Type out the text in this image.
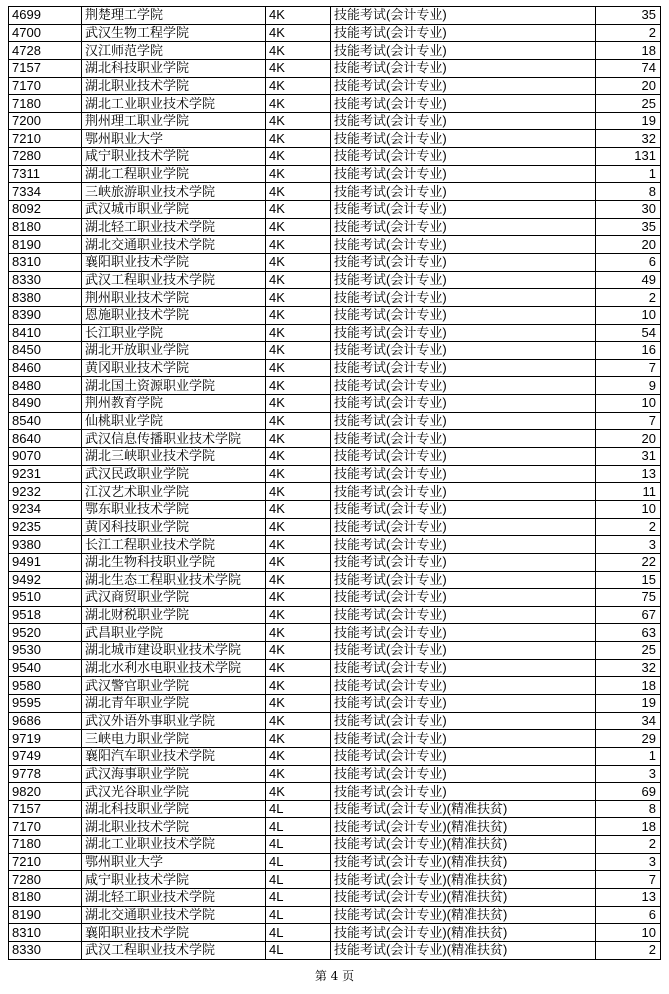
4699	荆楚理工学院	4K	技能考试(会计专业)	35
4700	武汉生物工程学院	4K	技能考试(会计专业)	2
4728	汉江师范学院	4K	技能考试(会计专业)	18
7157	湖北科技职业学院	4K	技能考试(会计专业)	74
7170	湖北职业技术学院	4K	技能考试(会计专业)	20
7180	湖北工业职业技术学院	4K	技能考试(会计专业)	25
7200	荆州理工职业学院	4K	技能考试(会计专业)	19
7210	鄂州职业大学	4K	技能考试(会计专业)	32
7280	咸宁职业技术学院	4K	技能考试(会计专业)	131
7311	湖北工程职业学院	4K	技能考试(会计专业)	1
7334	三峡旅游职业技术学院	4K	技能考试(会计专业)	8
8092	武汉城市职业学院	4K	技能考试(会计专业)	30
8180	湖北轻工职业技术学院	4K	技能考试(会计专业)	35
8190	湖北交通职业技术学院	4K	技能考试(会计专业)	20
8310	襄阳职业技术学院	4K	技能考试(会计专业)	6
8330	武汉工程职业技术学院	4K	技能考试(会计专业)	49
8380	荆州职业技术学院	4K	技能考试(会计专业)	2
8390	恩施职业技术学院	4K	技能考试(会计专业)	10
8410	长江职业学院	4K	技能考试(会计专业)	54
8450	湖北开放职业学院	4K	技能考试(会计专业)	16
8460	黄冈职业技术学院	4K	技能考试(会计专业)	7
8480	湖北国土资源职业学院	4K	技能考试(会计专业)	9
8490	荆州教育学院	4K	技能考试(会计专业)	10
8540	仙桃职业学院	4K	技能考试(会计专业)	7
8640	武汉信息传播职业技术学院	4K	技能考试(会计专业)	20
9070	湖北三峡职业技术学院	4K	技能考试(会计专业)	31
9231	武汉民政职业学院	4K	技能考试(会计专业)	13
9232	江汉艺术职业学院	4K	技能考试(会计专业)	11
9234	鄂东职业技术学院	4K	技能考试(会计专业)	10
9235	黄冈科技职业学院	4K	技能考试(会计专业)	2
9380	长江工程职业技术学院	4K	技能考试(会计专业)	3
9491	湖北生物科技职业学院	4K	技能考试(会计专业)	22
9492	湖北生态工程职业技术学院	4K	技能考试(会计专业)	15
9510	武汉商贸职业学院	4K	技能考试(会计专业)	75
9518	湖北财税职业学院	4K	技能考试(会计专业)	67
9520	武昌职业学院	4K	技能考试(会计专业)	63
9530	湖北城市建设职业技术学院	4K	技能考试(会计专业)	25
9540	湖北水利水电职业技术学院	4K	技能考试(会计专业)	32
9580	武汉警官职业学院	4K	技能考试(会计专业)	18
9595	湖北青年职业学院	4K	技能考试(会计专业)	19
9686	武汉外语外事职业学院	4K	技能考试(会计专业)	34
9719	三峡电力职业学院	4K	技能考试(会计专业)	29
9749	襄阳汽车职业技术学院	4K	技能考试(会计专业)	1
9778	武汉海事职业学院	4K	技能考试(会计专业)	3
9820	武汉光谷职业学院	4K	技能考试(会计专业)	69
7157	湖北科技职业学院	4L	技能考试(会计专业)(精准扶贫)	8
7170	湖北职业技术学院	4L	技能考试(会计专业)(精准扶贫)	18
7180	湖北工业职业技术学院	4L	技能考试(会计专业)(精准扶贫)	2
7210	鄂州职业大学	4L	技能考试(会计专业)(精准扶贫)	3
7280	咸宁职业技术学院	4L	技能考试(会计专业)(精准扶贫)	7
8180	湖北轻工职业技术学院	4L	技能考试(会计专业)(精准扶贫)	13
8190	湖北交通职业技术学院	4L	技能考试(会计专业)(精准扶贫)	6
8310	襄阳职业技术学院	4L	技能考试(会计专业)(精准扶贫)	10
8330	武汉工程职业技术学院	4L	技能考试(会计专业)(精准扶贫)	2
第 4 页
